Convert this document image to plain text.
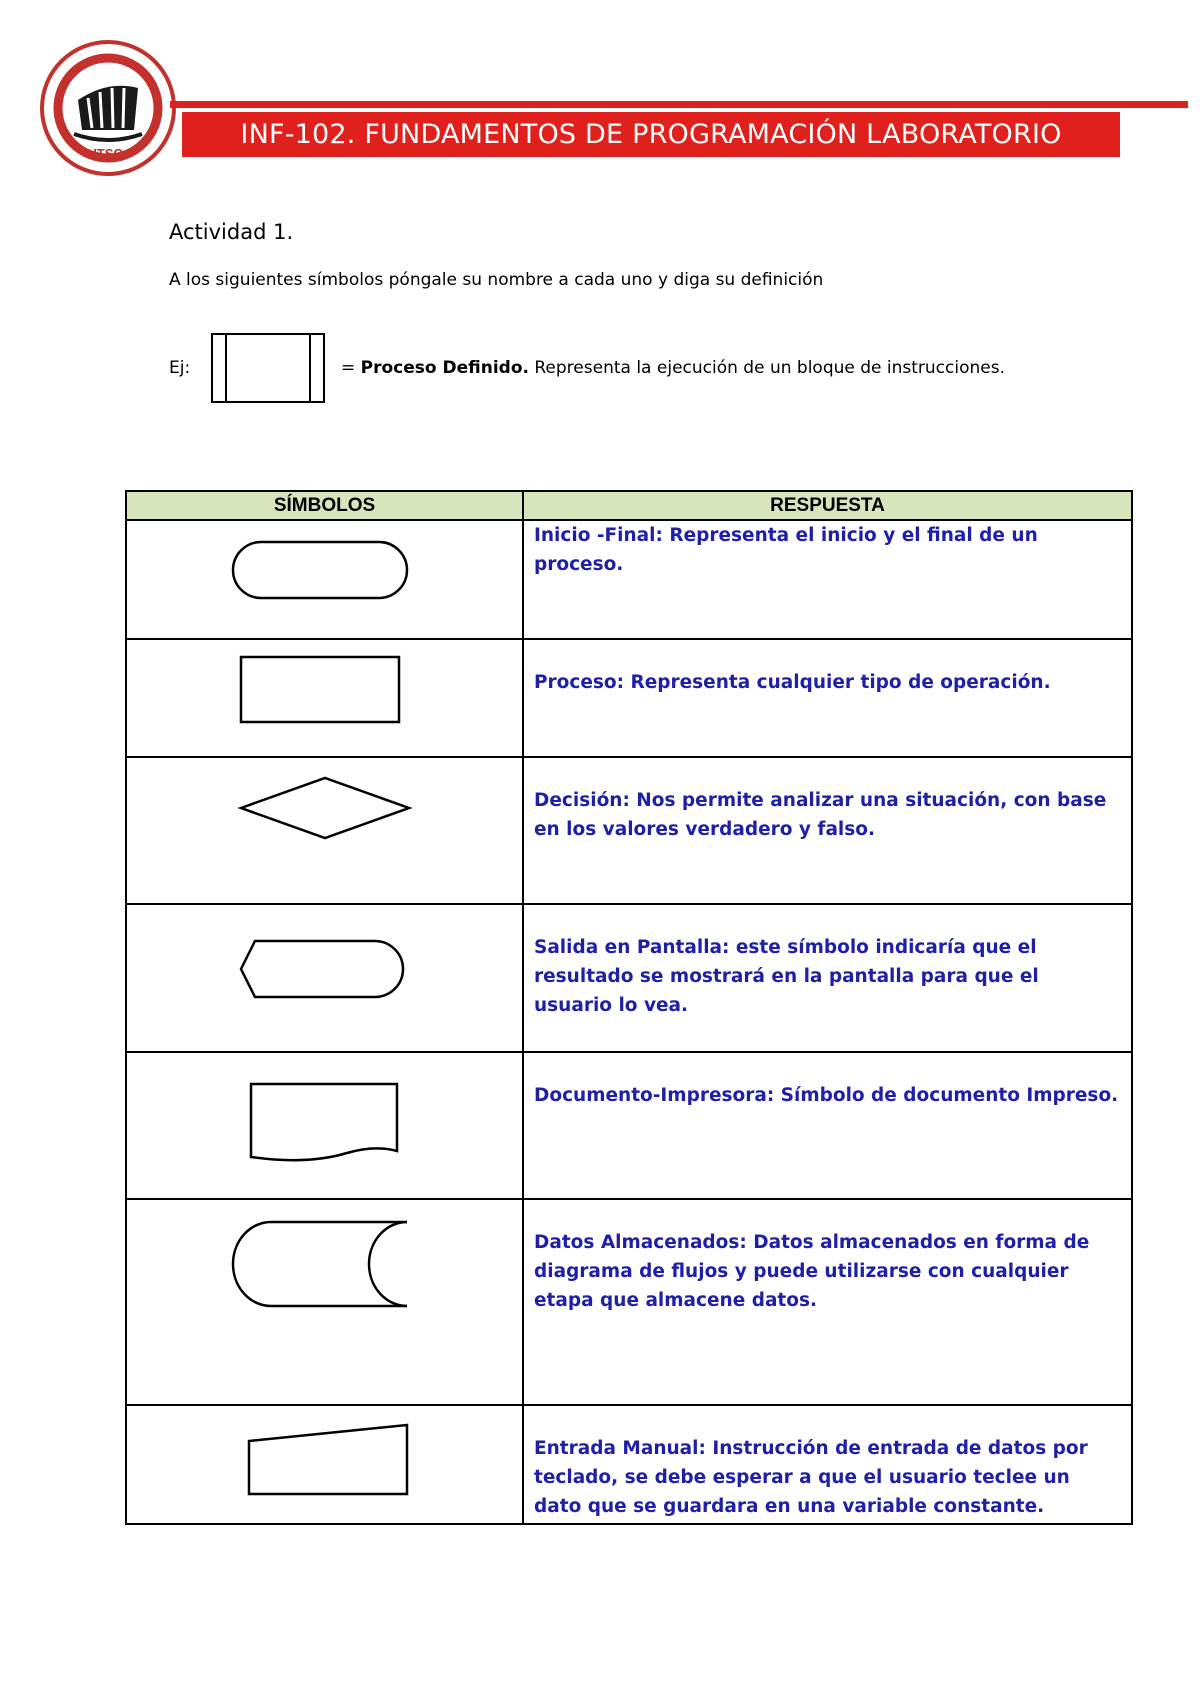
ITSC
INF-102. FUNDAMENTOS DE PROGRAMACIÓN LABORATORIO
Actividad 1.
A los siguientes símbolos póngale su nombre a cada uno y diga su definición
Ej:	= Proceso Definido. Representa la ejecución de un bloque de instrucciones.
SÍMBOLOS	RESPUESTA

Inicio -Final: Representa el inicio y el final de un proceso.

Proceso: Representa cualquier tipo de operación.

Decisión: Nos permite analizar una situación, con base en los valores verdadero y falso.

Salida en Pantalla: este símbolo indicaría que el resultado se mostrará en la pantalla para que el usuario lo vea.

Documento-Impresora: Símbolo de documento Impreso.

Datos Almacenados: Datos almacenados en forma de diagrama de flujos y puede utilizarse con cualquier etapa que almacene datos.

Entrada Manual: Instrucción de entrada de datos por teclado, se debe esperar a que el usuario teclee un dato que se guardara en una variable constante.
